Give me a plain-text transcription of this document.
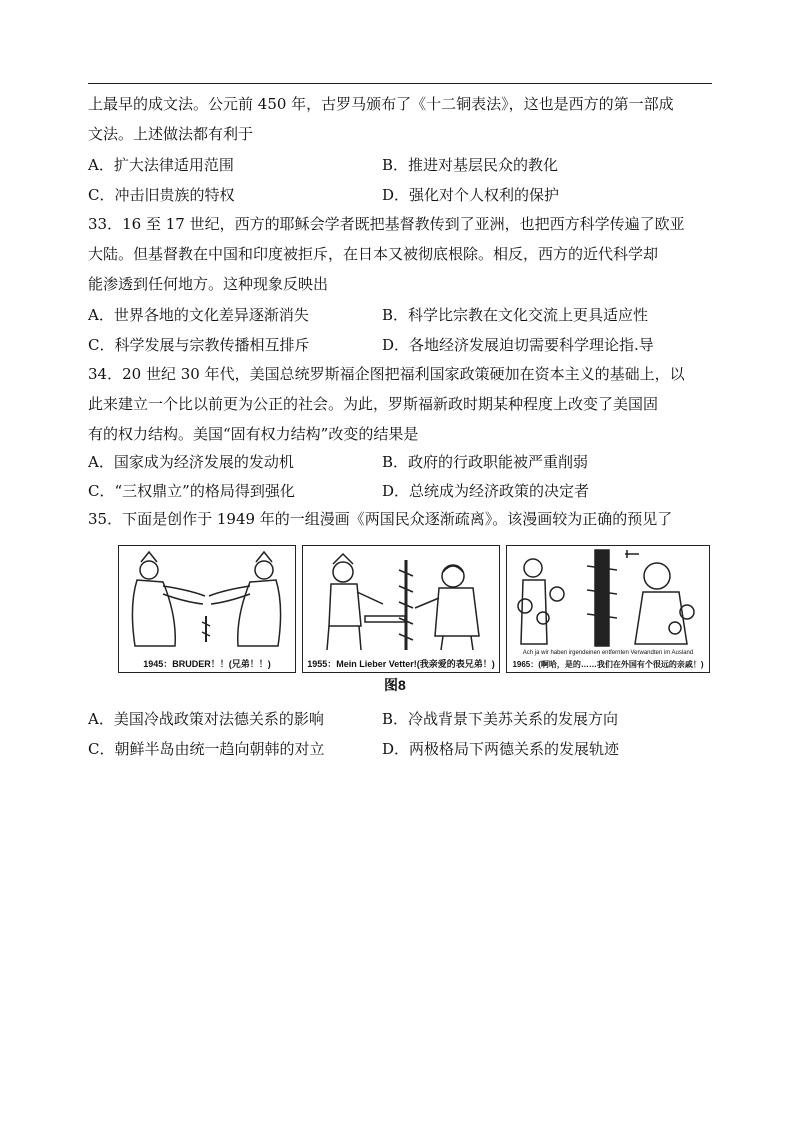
上最早的成文法。公元前 450 年，古罗马颁布了《十二铜表法》，这也是西方的第一部成
文法。上述做法都有利于
A．扩大法律适用范围	B．推进对基层民众的教化
C．冲击旧贵族的特权	D．强化对个人权利的保护
33．16 至 17 世纪，西方的耶稣会学者既把基督教传到了亚洲，也把西方科学传遍了欧亚
大陆。但基督教在中国和印度被拒斥，在日本又被彻底根除。相反，西方的近代科学却
能渗透到任何地方。这种现象反映出
A．世界各地的文化差异逐渐消失	B．科学比宗教在文化交流上更具适应性
C．科学发展与宗教传播相互排斥	D．各地经济发展迫切需要科学理论指.导
34．20 世纪 30 年代，美国总统罗斯福企图把福利国家政策硬加在资本主义的基础上，以
此来建立一个比以前更为公正的社会。为此，罗斯福新政时期某种程度上改变了美国固
有的权力结构。美国“固有权力结构”改变的结果是
A．国家成为经济发展的发动机	B．政府的行政职能被严重削弱
C．“三权鼎立”的格局得到强化	D．总统成为经济政策的决定者
35．下面是创作于 1949 年的一组漫画《两国民众逐渐疏离》。该漫画较为正确的预见了
1945：BRUDER！！(兄弟！！)	1955：Mein Lieber Vetter!(我亲爱的表兄弟！)
Ach ja wir haben irgendeinen entfernten Verwandten im Ausland
1965：(啊哈，是的……我们在外国有个很远的亲戚！)
图8
A．美国冷战政策对法德关系的影响	B．冷战背景下美苏关系的发展方向
C．朝鲜半岛由统一趋向朝韩的对立	D．两极格局下两德关系的发展轨迹
